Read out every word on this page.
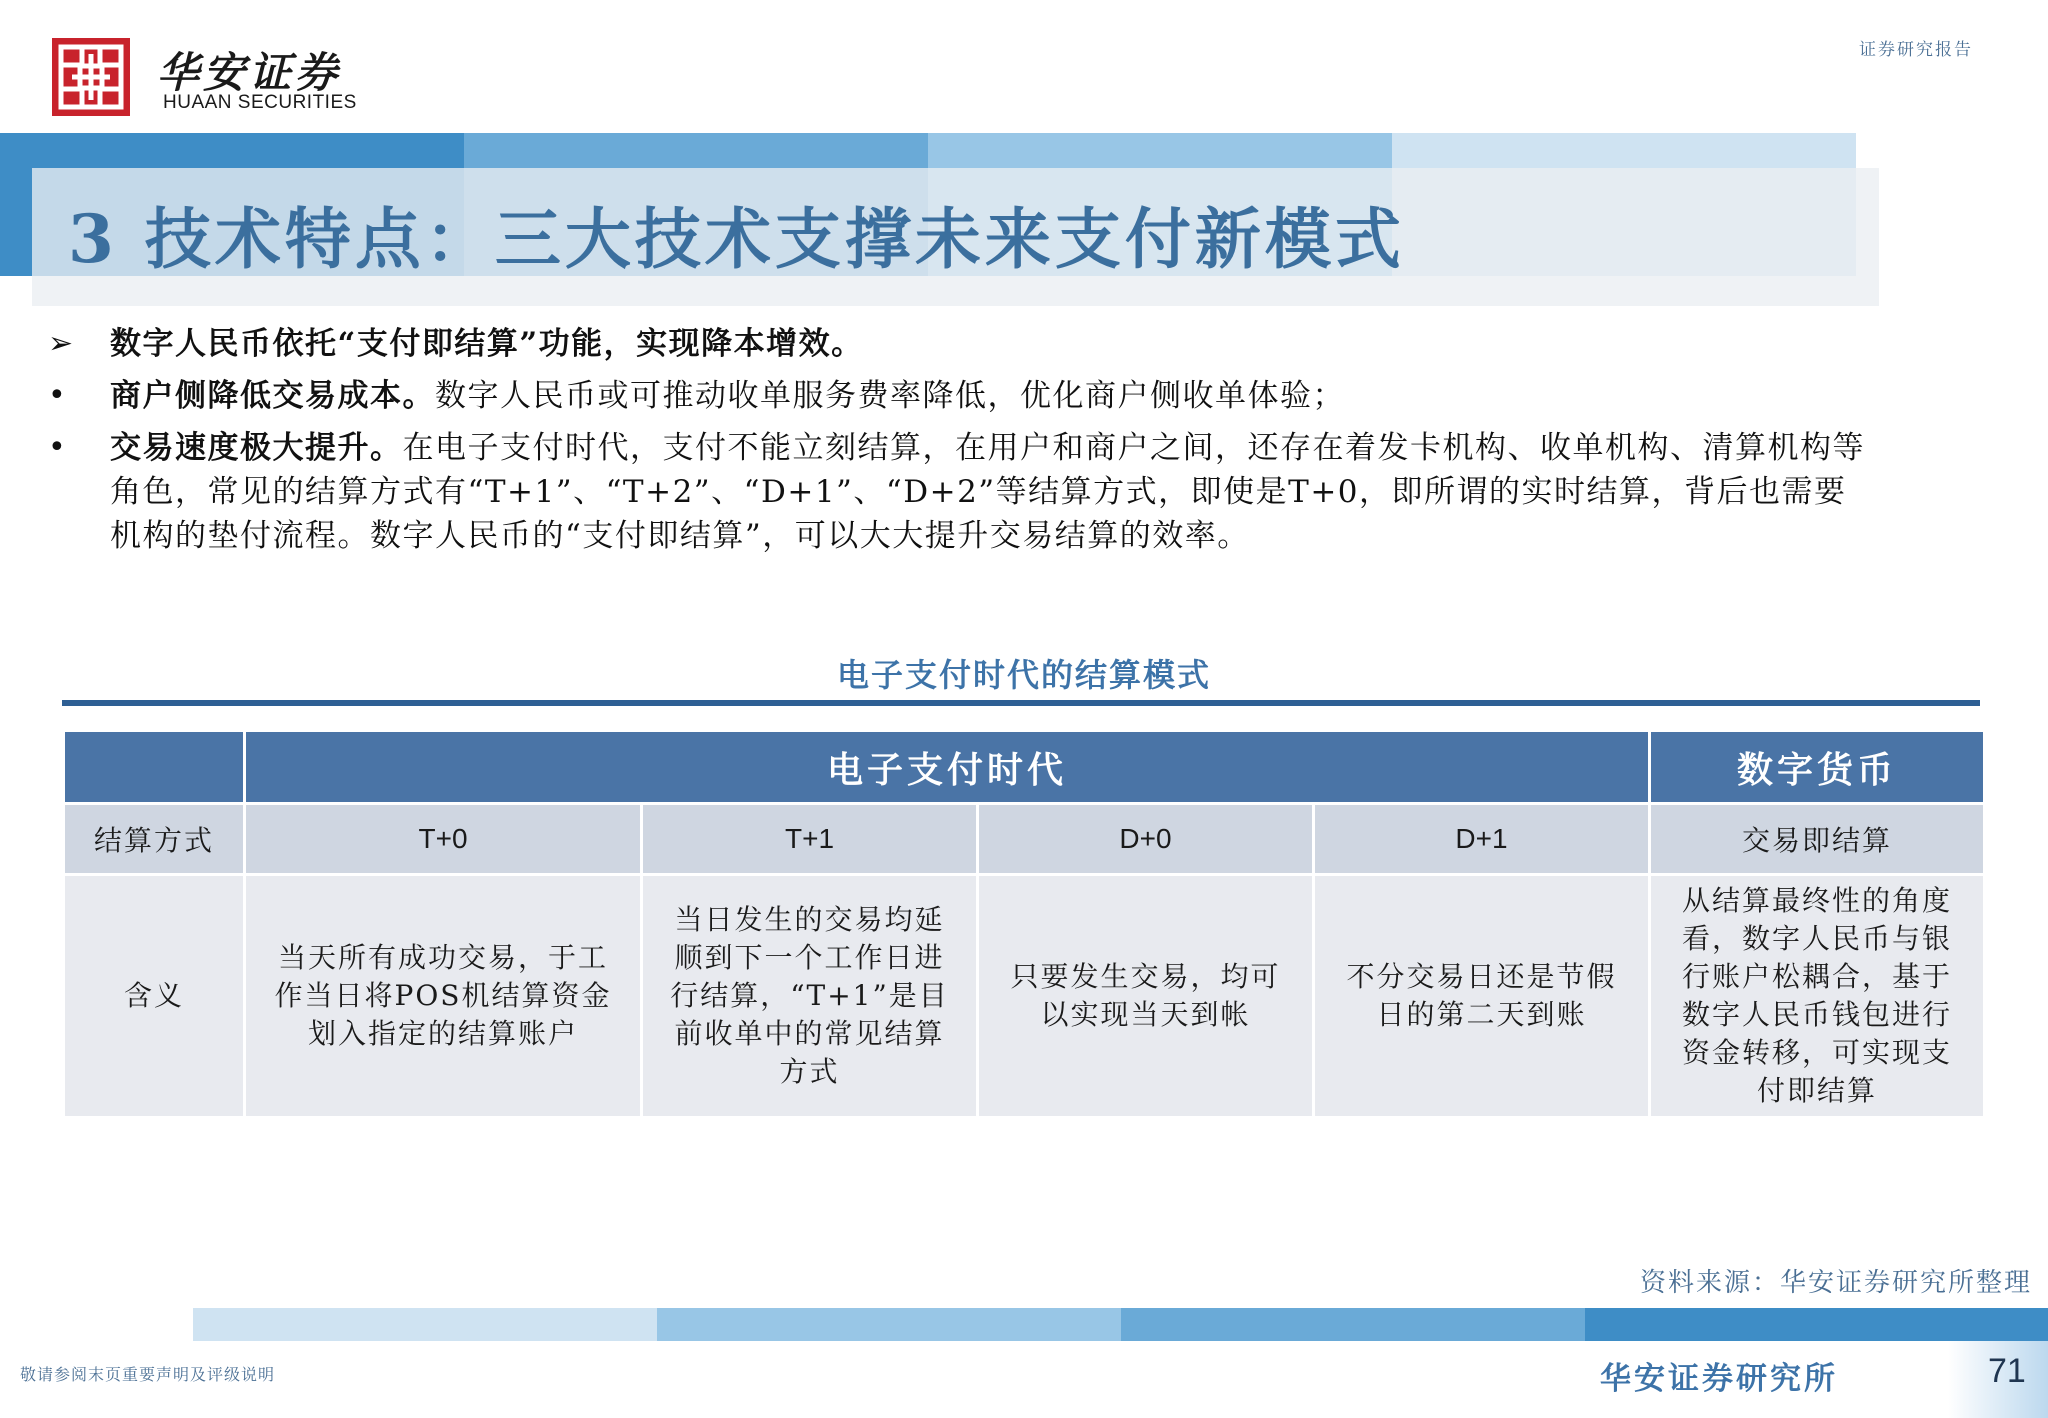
华安证券
HUAAN SECURITIES
证券研究报告
3 技术特点：三大技术支撑未来支付新模式
➢	数字人民币依托“支付即结算”功能，实现降本增效。
•	商户侧降低交易成本。数字人民币或可推动收单服务费率降低，优化商户侧收单体验；
•	交易速度极大提升。在电子支付时代，支付不能立刻结算，在用户和商户之间，还存在着发卡机构、收单机构、清算机构等角色，常见的结算方式有“T+1”、“T+2”、“D+1”、“D+2”等结算方式，即使是T+0，即所谓的实时结算，背后也需要机构的垫付流程。数字人民币的“支付即结算”，可以大大提升交易结算的效率。
电子支付时代的结算模式
	电子支付时代				数字货币
结算方式	T+0	T+1	D+0	D+1	交易即结算
含义	当天所有成功交易，于工作当日将POS机结算资金划入指定的结算账户	当日发生的交易均延顺到下一个工作日进行结算，“T+1”是目前收单中的常见结算方式	只要发生交易，均可以实现当天到帐	不分交易日还是节假日的第二天到账	从结算最终性的角度看，数字人民币与银行账户松耦合，基于数字人民币钱包进行资金转移，可实现支付即结算
资料来源：华安证券研究所整理
敬请参阅末页重要声明及评级说明	华安证券研究所	71
